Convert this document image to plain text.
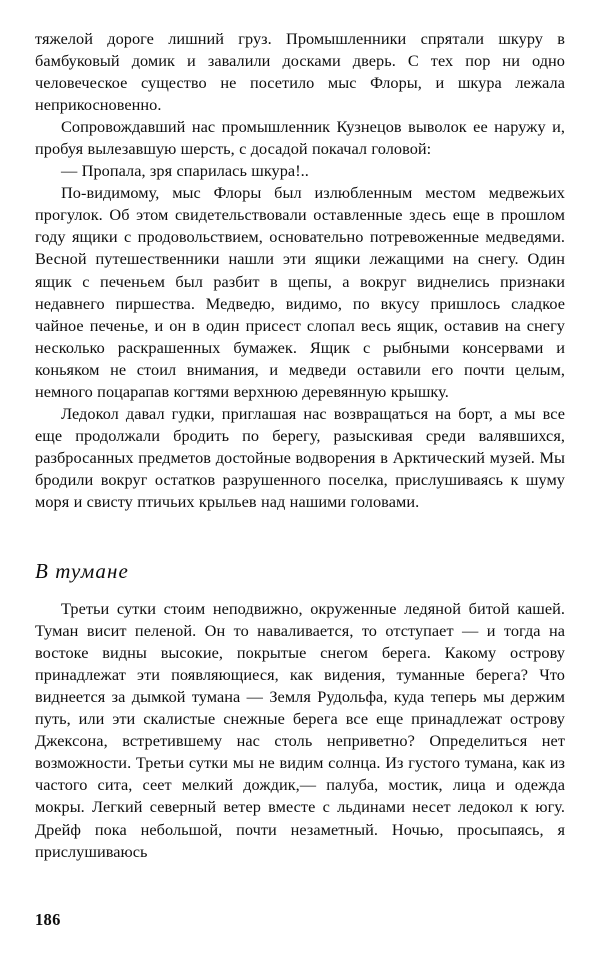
тяжелой дороге лишний груз. Промышленники спрятали шкуру в бамбуковый домик и завалили досками дверь. С тех пор ни одно человеческое существо не посетило мыс Флоры, и шкура лежала неприкосновенно.

Сопровождавший нас промышленник Кузнецов выволок ее наружу и, пробуя вылезавшую шерсть, с досадой покачал головой:

— Пропала, зря спарилась шкура!..

По-видимому, мыс Флоры был излюбленным местом медвежьих прогулок. Об этом свидетельствовали оставленные здесь еще в прошлом году ящики с продовольствием, основательно потревоженные медведями. Весной путешественники нашли эти ящики лежащими на снегу. Один ящик с печеньем был разбит в щепы, а вокруг виднелись признаки недавнего пиршества. Медведю, видимо, по вкусу пришлось сладкое чайное печенье, и он в один присест слопал весь ящик, оставив на снегу несколько раскрашенных бумажек. Ящик с рыбными консервами и коньяком не стоил внимания, и медведи оставили его почти целым, немного поцарапав когтями верхнюю деревянную крышку.

Ледокол давал гудки, приглашая нас возвращаться на борт, а мы все еще продолжали бродить по берегу, разыскивая среди валявшихся, разбросанных предметов достойные водворения в Арктический музей. Мы бродили вокруг остатков разрушенного поселка, прислушиваясь к шуму моря и свисту птичьих крыльев над нашими головами.

В тумане

Третьи сутки стоим неподвижно, окруженные ледяной битой кашей. Туман висит пеленой. Он то наваливается, то отступает — и тогда на востоке видны высокие, покрытые снегом берега. Какому острову принадлежат эти появляющиеся, как видения, туманные берега? Что виднеется за дымкой тумана — Земля Рудольфа, куда теперь мы держим путь, или эти скалистые снежные берега все еще принадлежат острову Джексона, встретившему нас столь неприветно? Определиться нет возможности. Третьи сутки мы не видим солнца. Из густого тумана, как из частого сита, сеет мелкий дождик,— палуба, мостик, лица и одежда мокры. Легкий северный ветер вместе с льдинами несет ледокол к югу. Дрейф пока небольшой, почти незаметный. Ночью, просыпаясь, я прислушиваюсь

186
